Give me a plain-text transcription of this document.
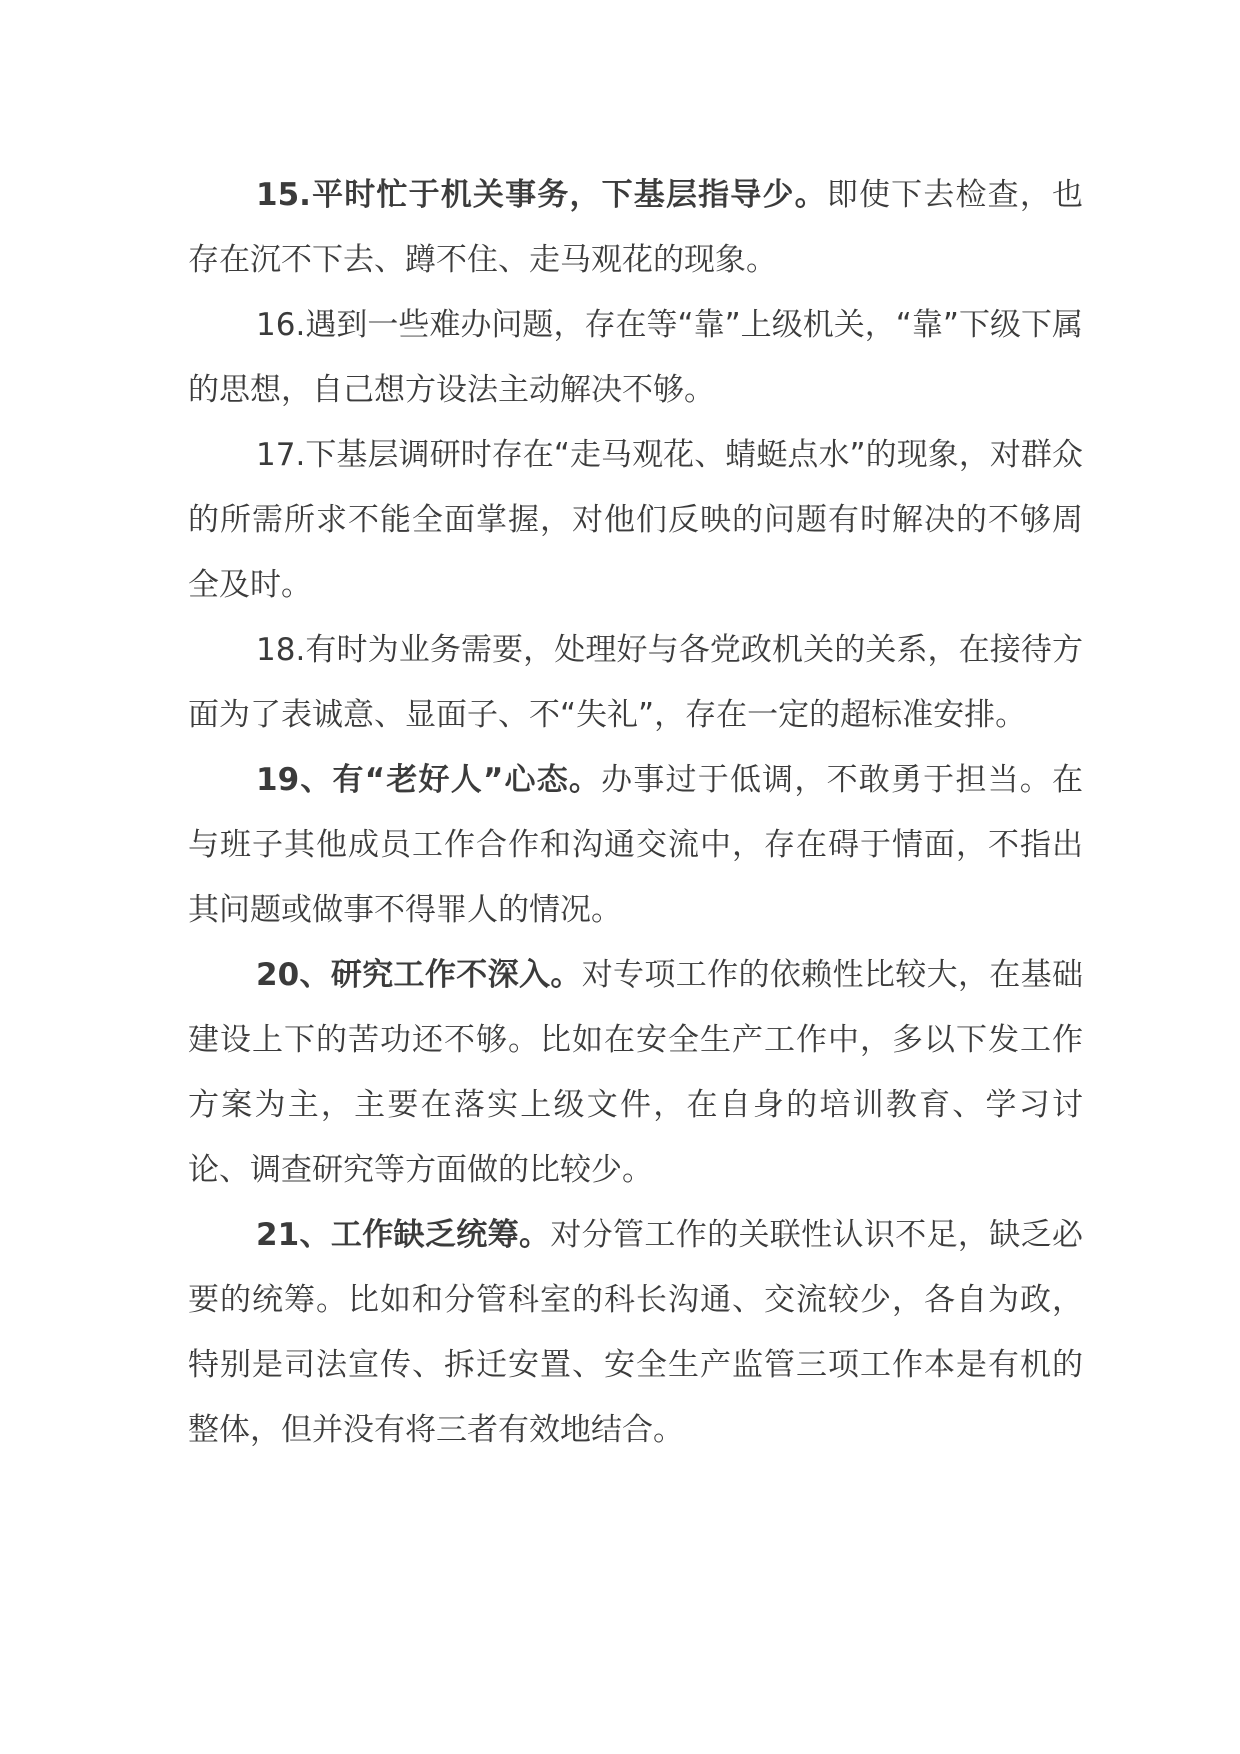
15.平时忙于机关事务，下基层指导少。即使下去检查，也存在沉不下去、蹲不住、走马观花的现象。

16.遇到一些难办问题，存在等“靠”上级机关，“靠”下级下属的思想，自己想方设法主动解决不够。

17.下基层调研时存在“走马观花、蜻蜓点水”的现象，对群众的所需所求不能全面掌握，对他们反映的问题有时解决的不够周全及时。

18.有时为业务需要，处理好与各党政机关的关系，在接待方面为了表诚意、显面子、不“失礼”，存在一定的超标准安排。

19、有“老好人”心态。办事过于低调，不敢勇于担当。在与班子其他成员工作合作和沟通交流中，存在碍于情面，不指出其问题或做事不得罪人的情况。

20、研究工作不深入。对专项工作的依赖性比较大，在基础建设上下的苦功还不够。比如在安全生产工作中，多以下发工作方案为主，主要在落实上级文件，在自身的培训教育、学习讨论、调查研究等方面做的比较少。

21、工作缺乏统筹。对分管工作的关联性认识不足，缺乏必要的统筹。比如和分管科室的科长沟通、交流较少，各自为政，特别是司法宣传、拆迁安置、安全生产监管三项工作本是有机的整体，但并没有将三者有效地结合。
